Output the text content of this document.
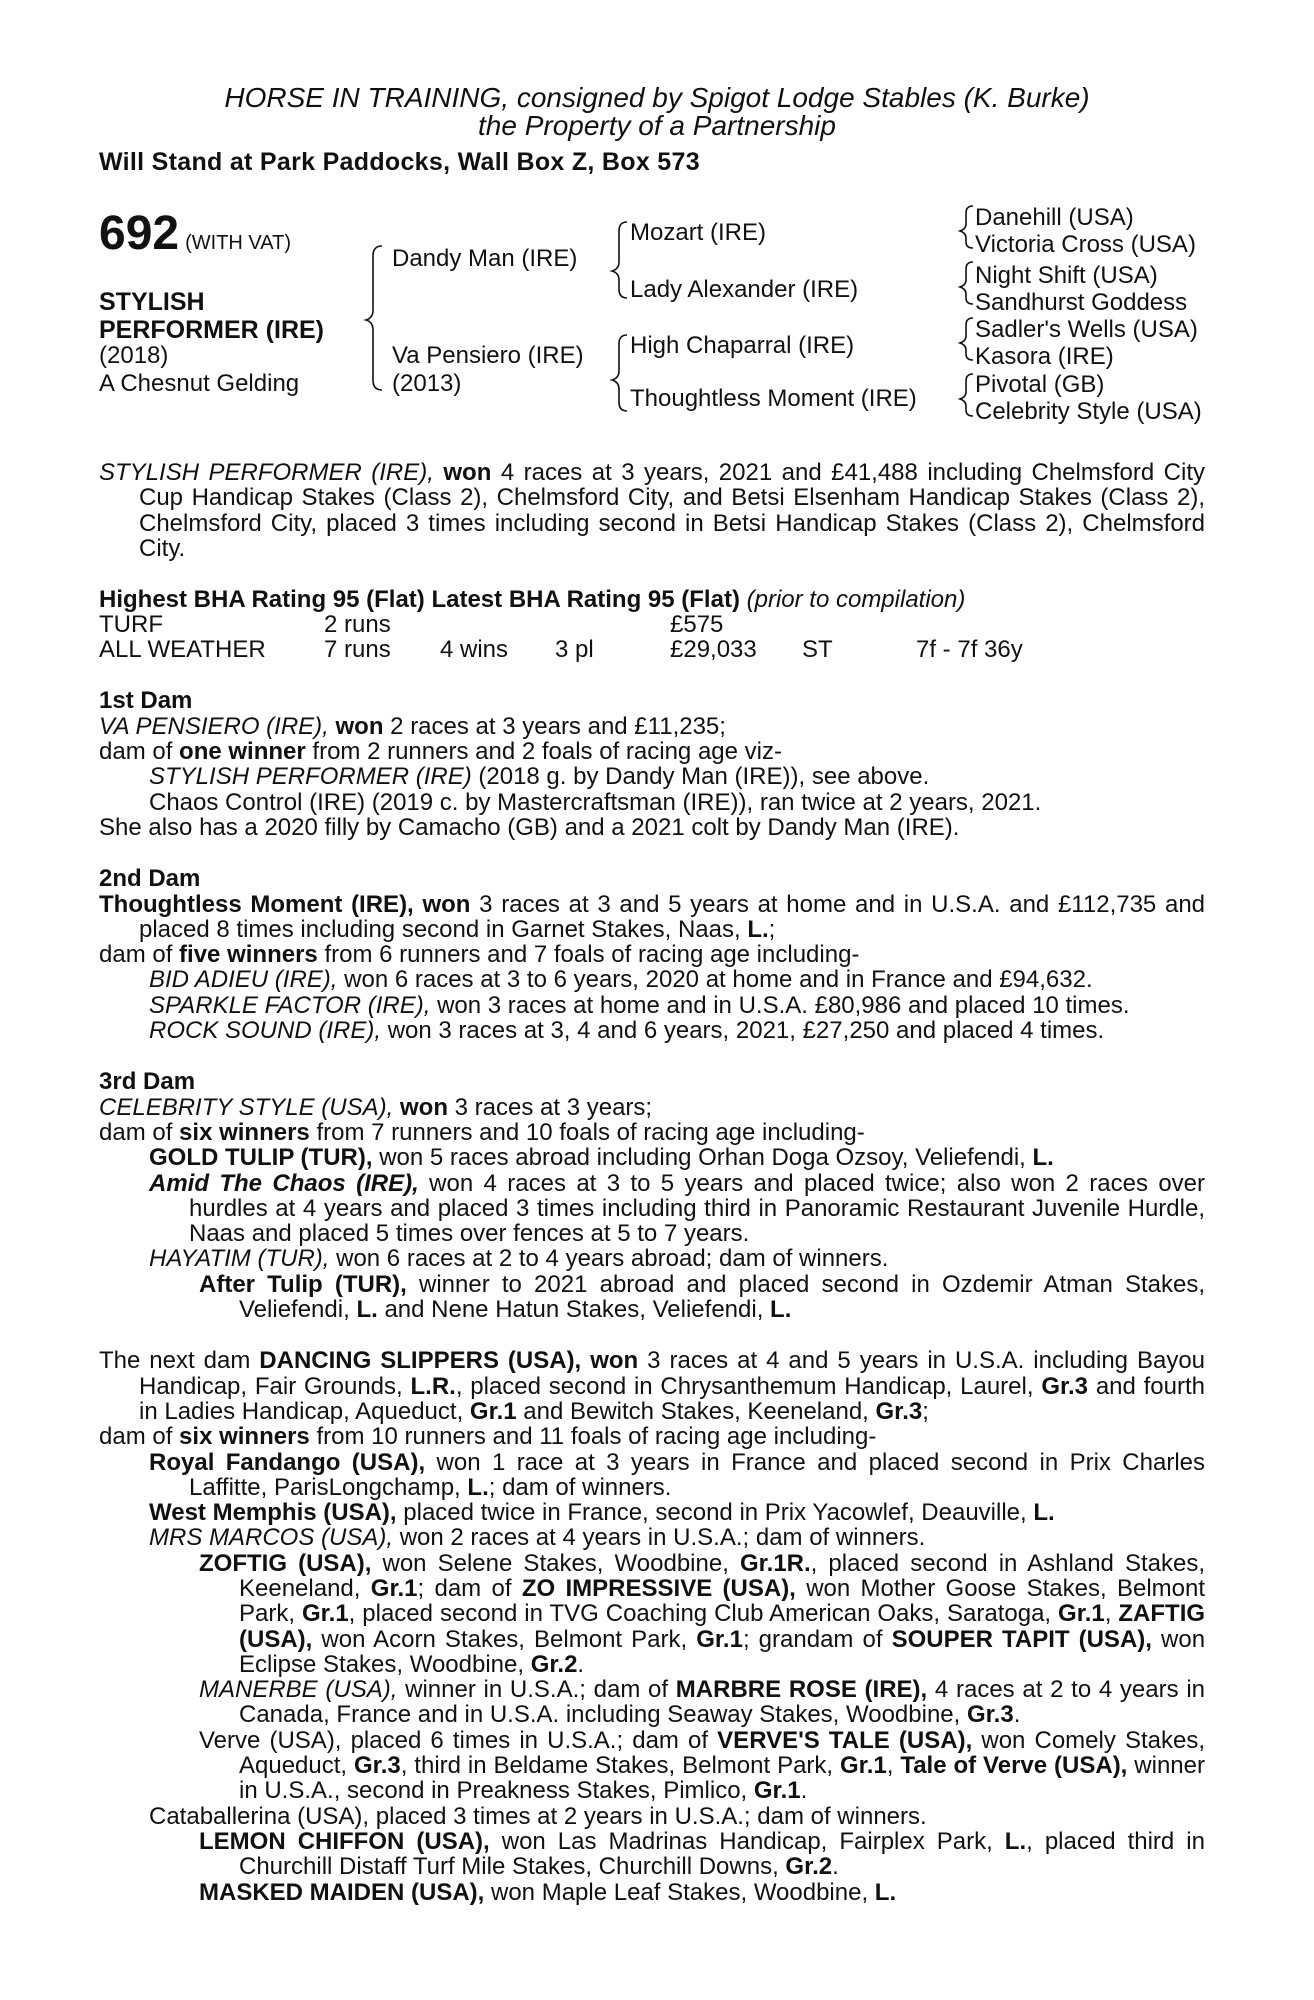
HORSE IN TRAINING, consigned by Spigot Lodge Stables (K. Burke)
the Property of a Partnership
Will Stand at Park Paddocks, Wall Box Z, Box 573
692 (WITH VAT)
STYLISH
PERFORMER (IRE)
(2018)
A Chesnut Gelding
Dandy Man (IRE)
Va Pensiero (IRE)
(2013)
Mozart (IRE)
Lady Alexander (IRE)
High Chaparral (IRE)
Thoughtless Moment (IRE)
Danehill (USA)
Victoria Cross (USA)
Night Shift (USA)
Sandhurst Goddess
Sadler's Wells (USA)
Kasora (IRE)
Pivotal (GB)
Celebrity Style (USA)

STYLISH PERFORMER (IRE), won 4 races at 3 years, 2021 and £41,488 including Chelmsford City Cup Handicap Stakes (Class 2), Chelmsford City, and Betsi Elsenham Handicap Stakes (Class 2), Chelmsford City, placed 3 times including second in Betsi Handicap Stakes (Class 2), Chelmsford City.

Highest BHA Rating 95 (Flat) Latest BHA Rating 95 (Flat) (prior to compilation)

TURF	2 runs	£575
ALL WEATHER 7 runs 4 wins 3 pl	£29,033 ST	7f - 7f 36y

1st Dam

VA PENSIERO (IRE), won 2 races at 3 years and £11,235;

dam of one winner from 2 runners and 2 foals of racing age viz-

STYLISH PERFORMER (IRE) (2018 g. by Dandy Man (IRE)), see above.

Chaos Control (IRE) (2019 c. by Mastercraftsman (IRE)), ran twice at 2 years, 2021.

She also has a 2020 filly by Camacho (GB) and a 2021 colt by Dandy Man (IRE).

2nd Dam

Thoughtless Moment (IRE), won 3 races at 3 and 5 years at home and in U.S.A. and £112,735 and placed 8 times including second in Garnet Stakes, Naas, L.;

dam of five winners from 6 runners and 7 foals of racing age including-

BID ADIEU (IRE), won 6 races at 3 to 6 years, 2020 at home and in France and £94,632.

SPARKLE FACTOR (IRE), won 3 races at home and in U.S.A. £80,986 and placed 10 times.

ROCK SOUND (IRE), won 3 races at 3, 4 and 6 years, 2021, £27,250 and placed 4 times.

3rd Dam

CELEBRITY STYLE (USA), won 3 races at 3 years;

dam of six winners from 7 runners and 10 foals of racing age including-

GOLD TULIP (TUR), won 5 races abroad including Orhan Doga Ozsoy, Veliefendi, L.

Amid The Chaos (IRE), won 4 races at 3 to 5 years and placed twice; also won 2 races over hurdles at 4 years and placed 3 times including third in Panoramic Restaurant Juvenile Hurdle, Naas and placed 5 times over fences at 5 to 7 years.

HAYATIM (TUR), won 6 races at 2 to 4 years abroad; dam of winners.

After Tulip (TUR), winner to 2021 abroad and placed second in Ozdemir Atman Stakes, Veliefendi, L. and Nene Hatun Stakes, Veliefendi, L.

The next dam DANCING SLIPPERS (USA), won 3 races at 4 and 5 years in U.S.A. including Bayou Handicap, Fair Grounds, L.R., placed second in Chrysanthemum Handicap, Laurel, Gr.3 and fourth in Ladies Handicap, Aqueduct, Gr.1 and Bewitch Stakes, Keeneland, Gr.3;

dam of six winners from 10 runners and 11 foals of racing age including-

Royal Fandango (USA), won 1 race at 3 years in France and placed second in Prix Charles Laffitte, ParisLongchamp, L.; dam of winners.

West Memphis (USA), placed twice in France, second in Prix Yacowlef, Deauville, L.

MRS MARCOS (USA), won 2 races at 4 years in U.S.A.; dam of winners.

ZOFTIG (USA), won Selene Stakes, Woodbine, Gr.1R., placed second in Ashland Stakes, Keeneland, Gr.1; dam of ZO IMPRESSIVE (USA), won Mother Goose Stakes, Belmont Park, Gr.1, placed second in TVG Coaching Club American Oaks, Saratoga, Gr.1, ZAFTIG (USA), won Acorn Stakes, Belmont Park, Gr.1; grandam of SOUPER TAPIT (USA), won Eclipse Stakes, Woodbine, Gr.2.

MANERBE (USA), winner in U.S.A.; dam of MARBRE ROSE (IRE), 4 races at 2 to 4 years in Canada, France and in U.S.A. including Seaway Stakes, Woodbine, Gr.3.

Verve (USA), placed 6 times in U.S.A.; dam of VERVE'S TALE (USA), won Comely Stakes, Aqueduct, Gr.3, third in Beldame Stakes, Belmont Park, Gr.1, Tale of Verve (USA), winner in U.S.A., second in Preakness Stakes, Pimlico, Gr.1.

Cataballerina (USA), placed 3 times at 2 years in U.S.A.; dam of winners.

LEMON CHIFFON (USA), won Las Madrinas Handicap, Fairplex Park, L., placed third in Churchill Distaff Turf Mile Stakes, Churchill Downs, Gr.2.

MASKED MAIDEN (USA), won Maple Leaf Stakes, Woodbine, L.
